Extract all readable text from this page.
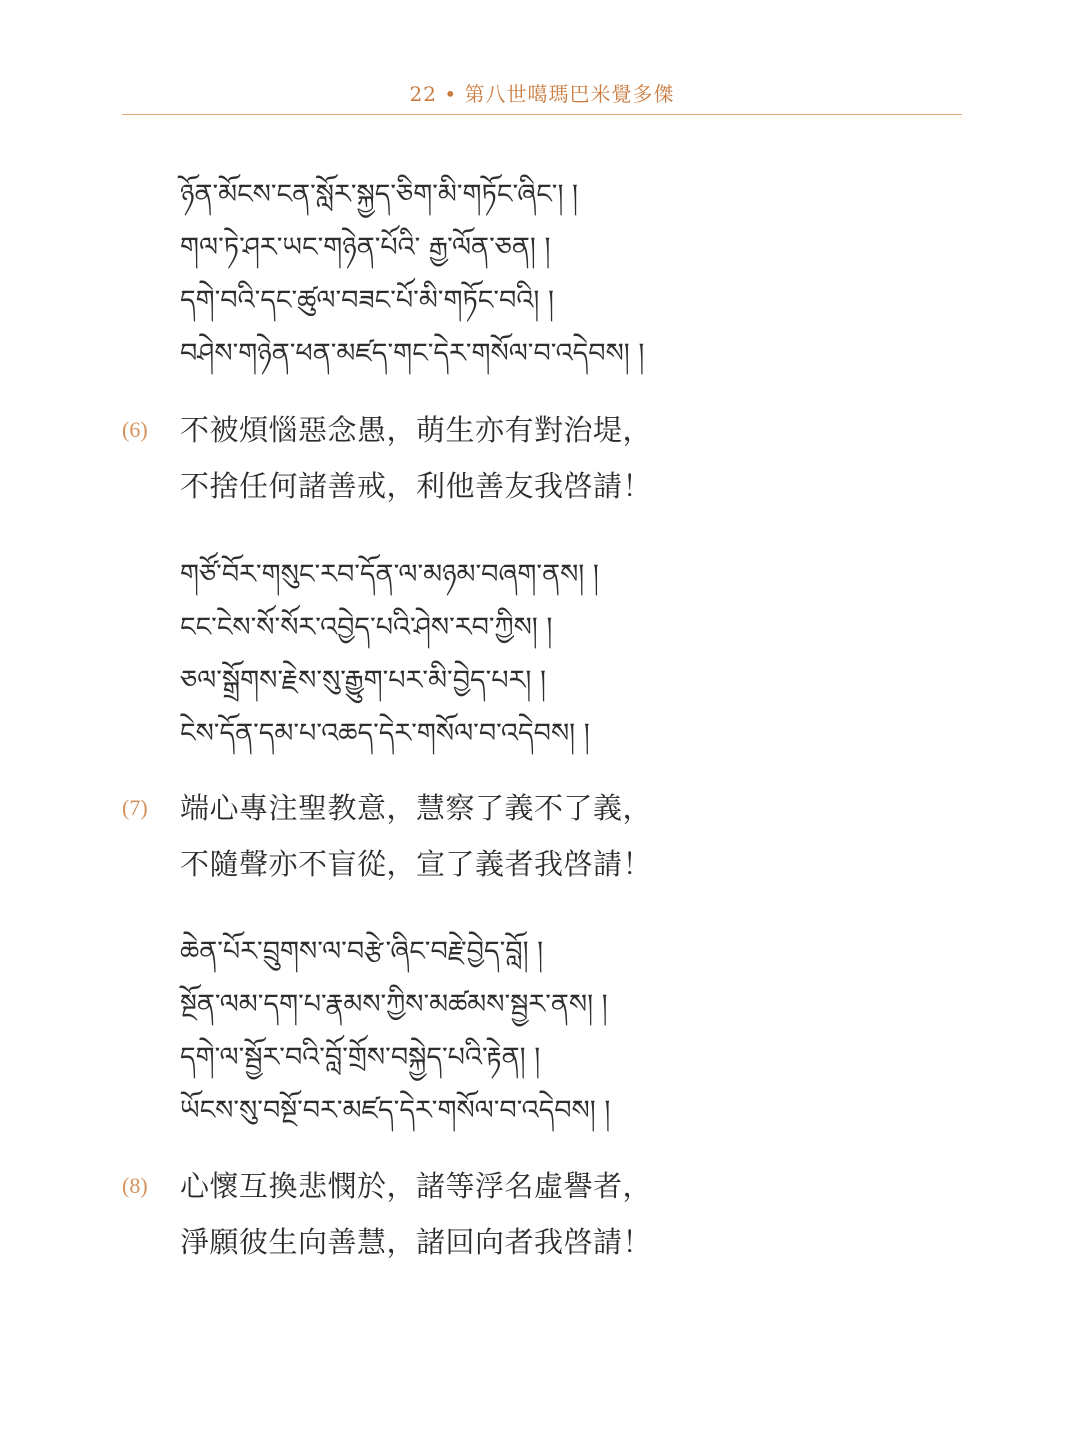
22 • 第八世噶瑪巴米覺多傑
ཉོན་མོངས་ངན་སློར་སྐྱད་ཅིག་མི་གཏོང་ཞིང་། །
གལ་ཏེ་ཤར་ཡང་གཉེན་པོའི་ རྒྱ་ལོན་ཅན། །
དགེ་བའི་དང་ཚུལ་བཟང་པོ་མི་གཏོང་བའི། །
བཤེས་གཉེན་ཕན་མཛད་གང་དེར་གསོལ་བ་འདེབས། །
(6) 不被煩惱惡念愚，萌生亦有對治堤，
不捨任何諸善戒，利他善友我啓請！
གཙོ་བོར་གསུང་རབ་དོན་ལ་མཉམ་བཞག་ནས། །
ངང་ངེས་སོ་སོར་འབྱེད་པའི་ཤེས་རབ་ཀྱིས། །
ཅལ་སྒྲོགས་རྗེས་སུ་རྒྱུག་པར་མི་བྱེད་པར། །
ངེས་དོན་དམ་པ་འཆད་དེར་གསོལ་བ་འདེབས། །
(7) 端心專注聖教意，慧察了義不了義，
不隨聲亦不盲從，宣了義者我啓請！
ཆེན་པོར་བྲུགས་ལ་བརྩེ་ཞིང་བརྗེ་བྱེད་བློ། །
སྔོན་ལམ་དག་པ་རྣམས་ཀྱིས་མཚམས་སྦྱར་ནས། །
དགེ་ལ་སྦྱོར་བའི་བློ་གྲོས་བསྐྱེད་པའི་རྟེན། །
ཡོངས་སུ་བསྔོ་བར་མཛད་དེར་གསོལ་བ་འདེབས། །
(8) 心懷互換悲憫於，諸等浮名虛譽者，
淨願彼生向善慧，諸回向者我啓請！
